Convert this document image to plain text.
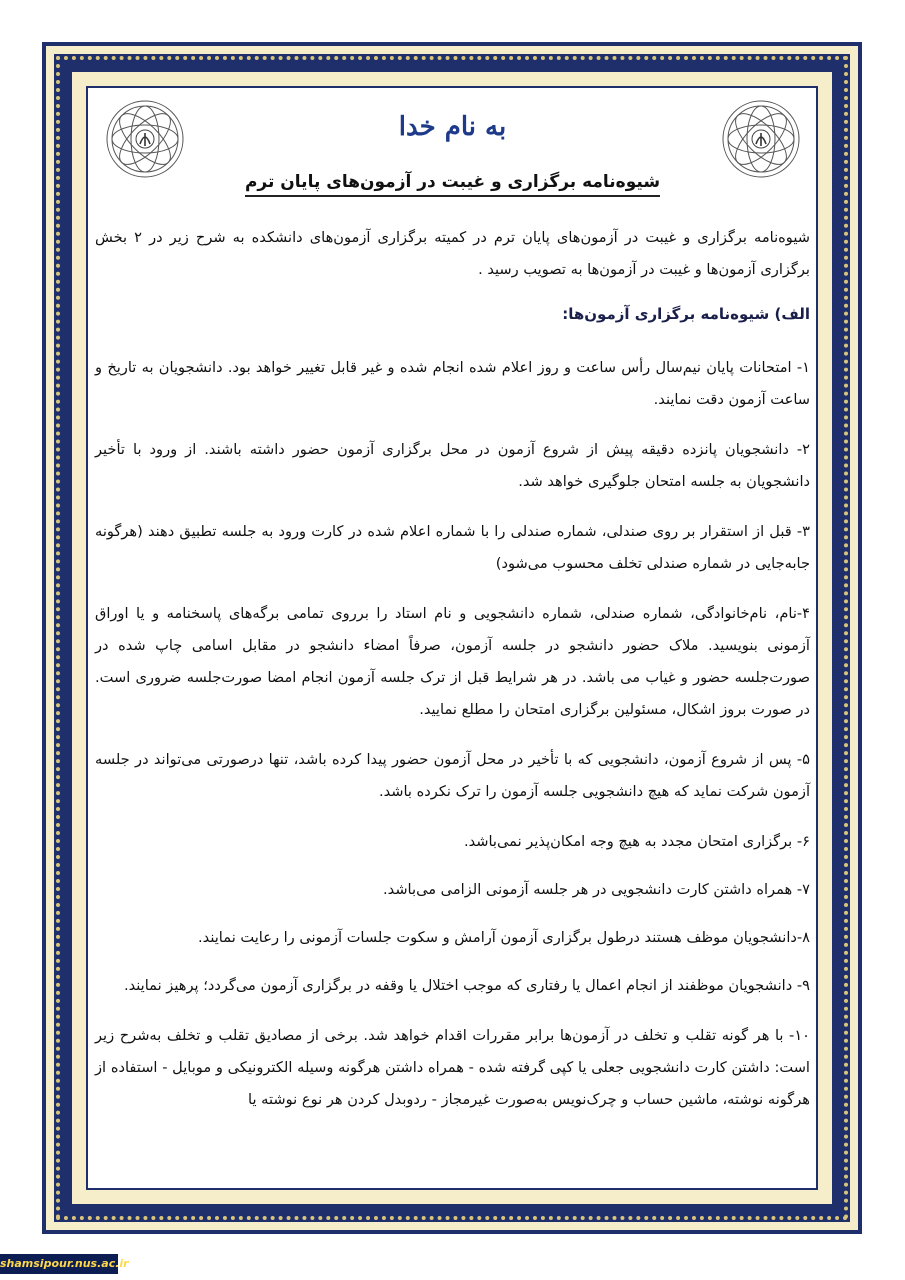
به نام خدا
شیوه‌نامه برگزاری و غیبت در آزمون‌های پایان ترم

شیوه‌نامه برگزاری و غیبت در آزمون‌های پایان ترم در کمیته برگزاری آزمون‌های دانشکده به شرح زیر در ۲ بخش برگزاری آزمون‌ها و غیبت در آزمون‌ها به تصویب رسید .

الف) شیوه‌نامه برگزاری آزمون‌ها:

۱- امتحانات پایان نیم‌سال رأس ساعت و روز اعلام شده انجام شده و غیر قابل تغییر خواهد بود. دانشجویان به تاریخ و ساعت آزمون دقت نمایند.

۲- دانشجویان پانزده دقیقه پیش از شروع آزمون در محل برگزاری آزمون حضور داشته باشند. از ورود با تأخیر دانشجویان به جلسه امتحان جلوگیری خواهد شد.

۳- قبل از استقرار بر روی صندلی، شماره صندلی را با شماره اعلام شده در کارت ورود به جلسه تطبیق دهند (هرگونه جابه‌جایی در شماره صندلی تخلف محسوب می‌شود)

۴-نام، نام‌خانوادگی، شماره صندلی، شماره دانشجویی و نام استاد را برروی تمامی برگه‌های پاسخنامه و یا اوراق آزمونی بنویسید. ملاک حضور دانشجو در جلسه آزمون، صرفاً امضاء دانشجو در مقابل اسامی چاپ شده در صورت‌جلسه حضور و غیاب می باشد. در هر شرایط قبل از ترک جلسه آزمون انجام امضا صورت‌جلسه ضروری است. در صورت بروز اشکال، مسئولین برگزاری امتحان را مطلع نمایید.

۵- پس از شروع آزمون، دانشجویی که با تأخیر در محل آزمون حضور پیدا کرده باشد، تنها درصورتی می‌تواند در جلسه آزمون شرکت نماید که هیچ دانشجویی جلسه آزمون را ترک نکرده باشد.

۶- برگزاری امتحان مجدد به هیچ وجه امکان‌پذیر نمی‌باشد.

۷- همراه داشتن کارت دانشجویی در هر جلسه آزمونی الزامی می‌باشد.

۸-دانشجویان موظف هستند درطول برگزاری آزمون آرامش و سکوت جلسات آزمونی را رعایت نمایند.

۹- دانشجویان موظفند از انجام اعمال یا رفتاری که موجب اختلال یا وقفه در برگزاری آزمون می‌گردد؛ پرهیز نمایند.

۱۰- با هر گونه تقلب و تخلف در آزمون‌ها برابر مقررات اقدام خواهد شد. برخی از مصادیق تقلب و تخلف به‌شرح زیر است: داشتن کارت دانشجویی جعلی یا کپی گرفته شده - همراه داشتن هرگونه وسیله الکترونیکی و موبایل - استفاده از هرگونه نوشته، ماشین حساب و چرک‌نویس به‌صورت غیرمجاز - ردوبدل کردن هر نوع نوشته یا

shamsipour.nus.ac.ir
